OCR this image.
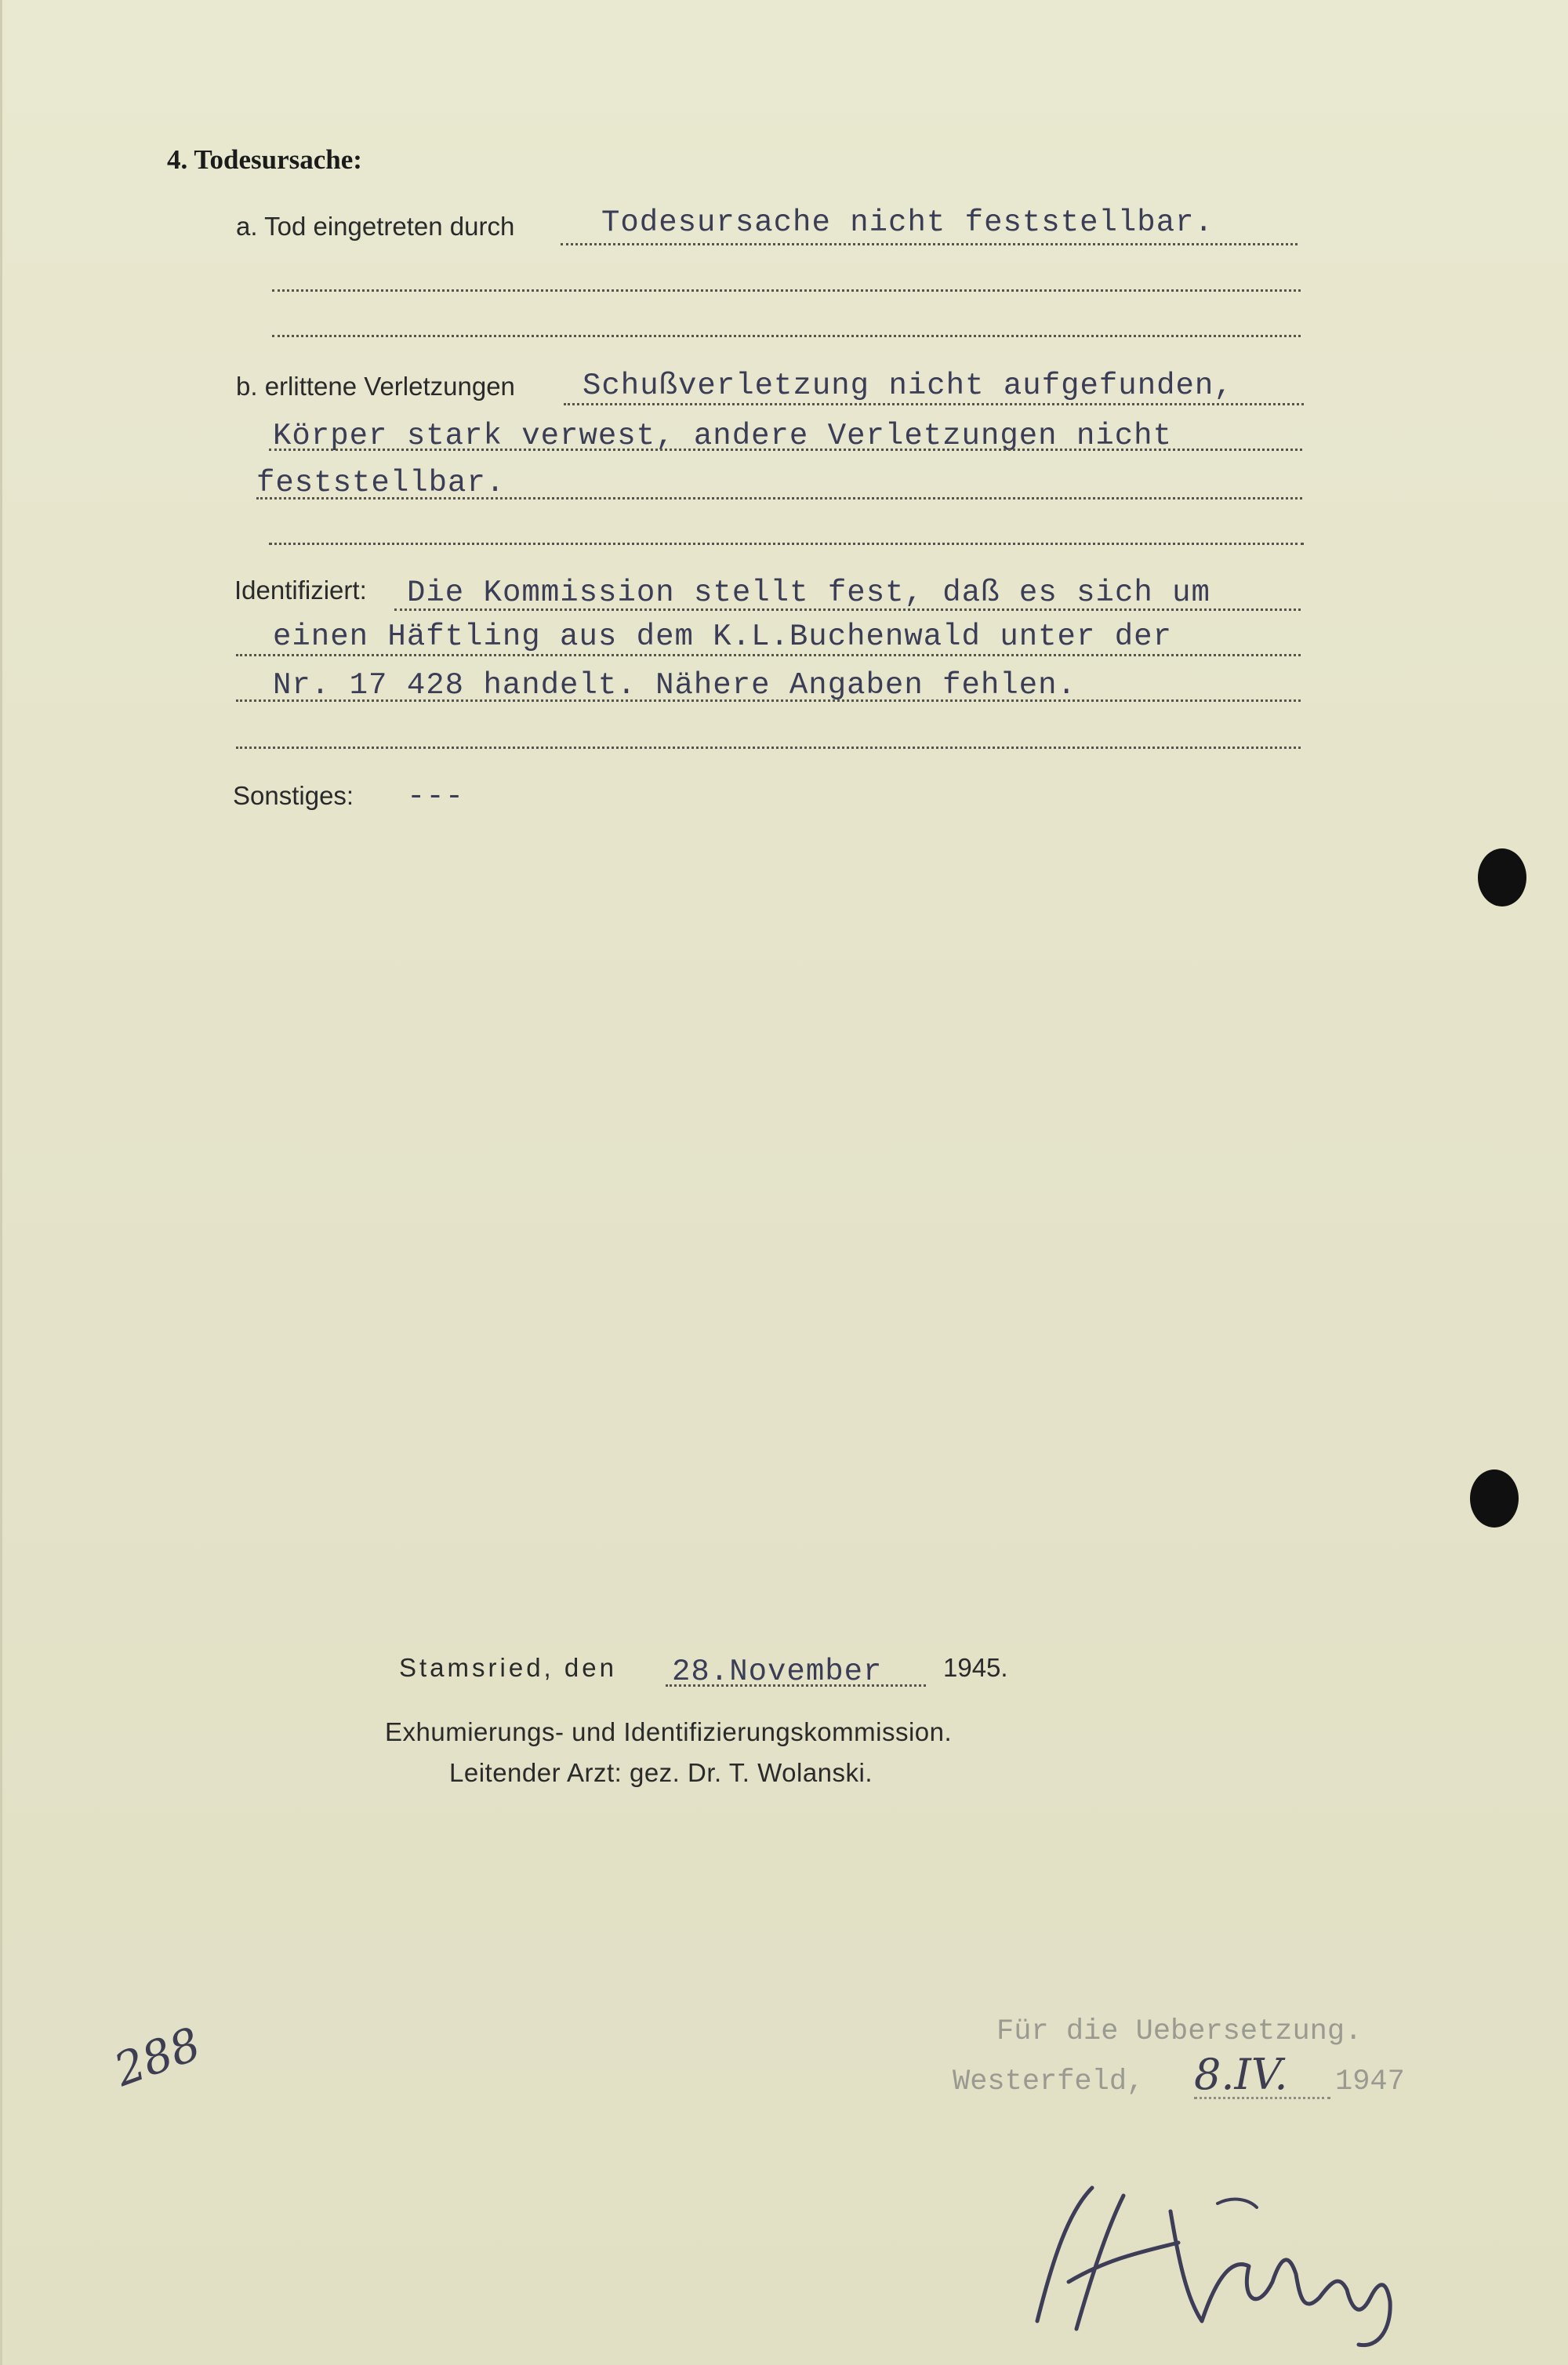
4. Todesursache:
a. Tod eingetreten durch	Todesursache nicht feststellbar.
b. erlittene Verletzungen Schußverletzung nicht aufgefunden,
Körper stark verwest, andere Verletzungen nicht
feststellbar.
Identifiziert: Die Kommission stellt fest, daß es sich um
einen Häftling aus dem K.L.Buchenwald unter der
Nr. 17 428 handelt. Nähere Angaben fehlen.
Sonstiges: ---
Stamsried, den 28.November 1945.
Exhumierungs- und Identifizierungskommission.
Leitender Arzt: gez. Dr. T. Wolanski.
Für die Uebersetzung.
Westerfeld, 8.IV. 1947
288
